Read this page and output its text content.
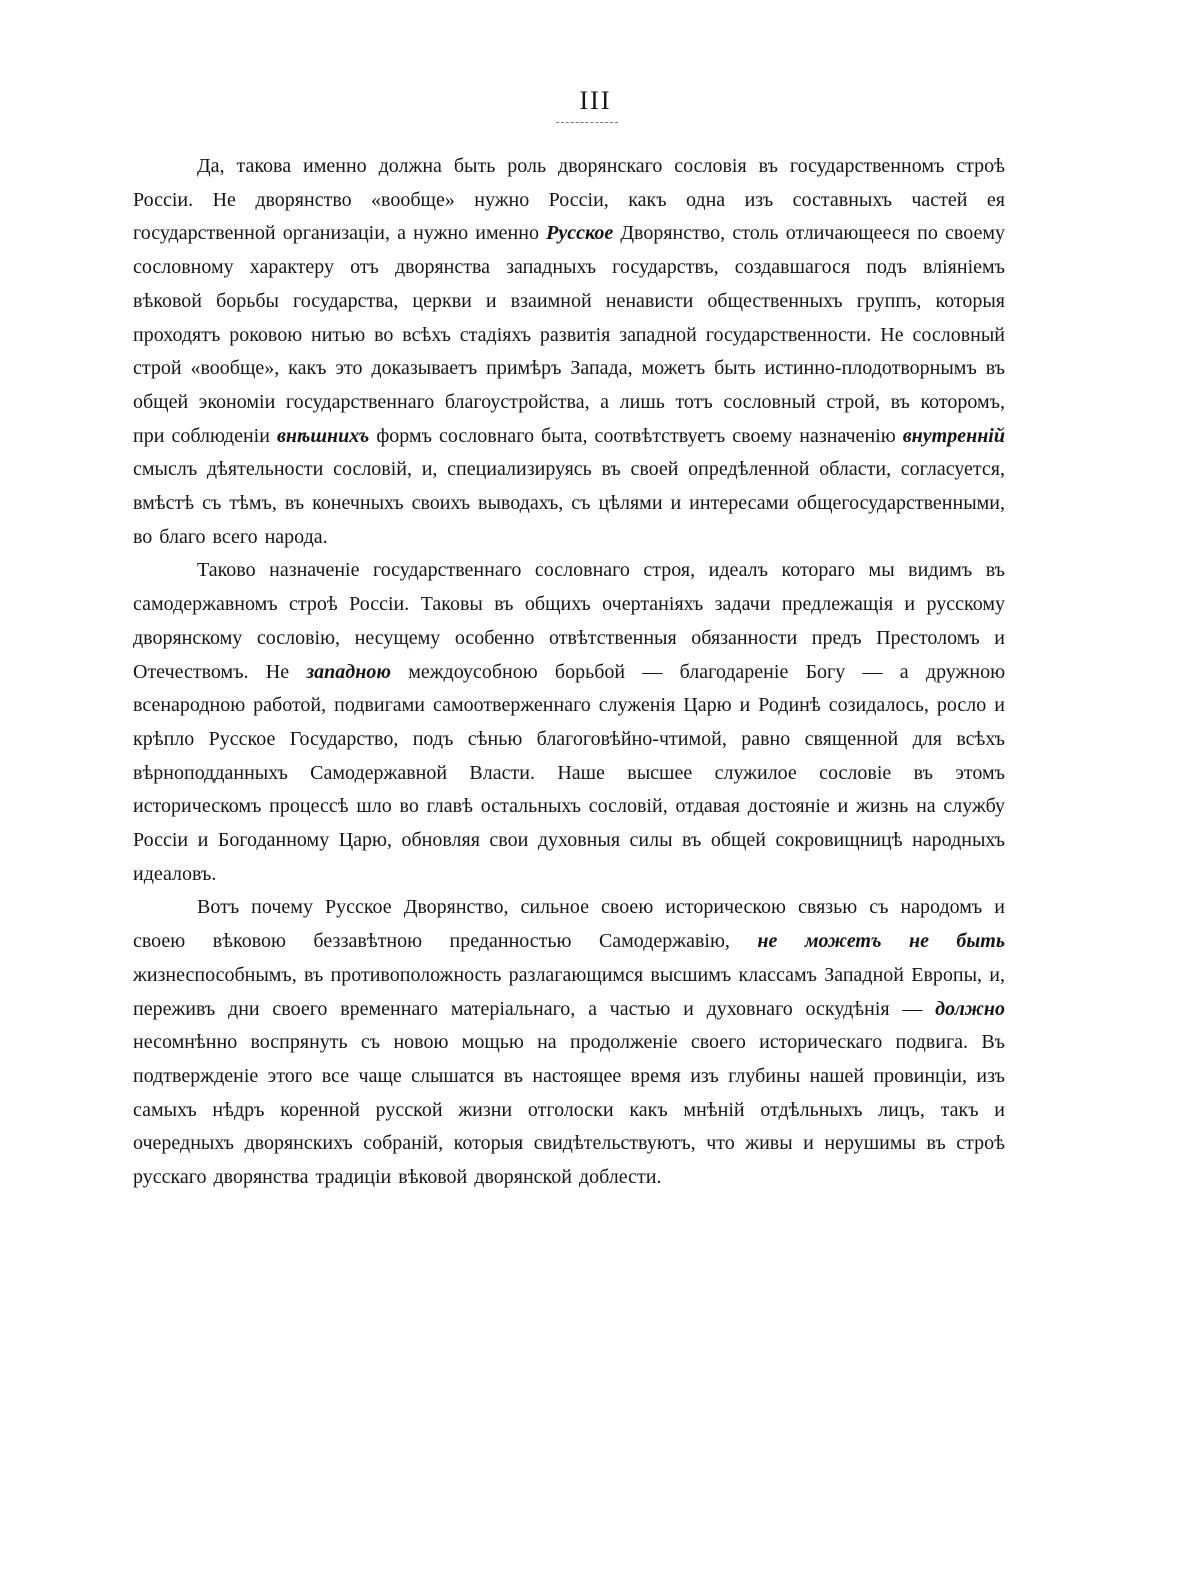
III

Да, такова именно должна быть роль дворянскаго сословія въ государственномъ строѣ Россіи. Не дворянство «вообще» нужно Россіи, какъ одна изъ составныхъ частей ея государственной организаціи, а нужно именно Русское Дворянство, столь отличающееся по своему сословному характеру отъ дворянства западныхъ государствъ, создавшагося подъ вліяніемъ вѣковой борьбы государства, церкви и взаимной ненависти общественныхъ группъ, которыя проходятъ роковою нитью во всѣхъ стадіяхъ развитія западной государственности. Не сословный строй «вообще», какъ это доказываетъ примѣръ Запада, можетъ быть истинно-плодотворнымъ въ общей экономіи государственнаго благоустройства, а лишь тотъ сословный строй, въ которомъ, при соблюденіи внѣшнихъ формъ сословнаго быта, соотвѣтствуетъ своему назначенію внутренній смыслъ дѣятельности сословій, и, специализируясь въ своей опредѣленной области, согласуется, вмѣстѣ съ тѣмъ, въ конечныхъ своихъ выводахъ, съ цѣлями и интересами общегосударственными, во благо всего народа.

Таково назначеніе государственнаго сословнаго строя, идеалъ котораго мы видимъ въ самодержавномъ строѣ Россіи. Таковы въ общихъ очертаніяхъ задачи предлежащія и русскому дворянскому сословію, несущему особенно отвѣтственныя обязанности предъ Престоломъ и Отечествомъ. Не западною междоусобною борьбой — благодареніе Богу — а дружною всенародною работой, подвигами самоотверженнаго служенія Царю и Родинѣ созидалось, росло и крѣпло Русское Государство, подъ сѣнью благоговѣйно-чтимой, равно священной для всѣхъ вѣрноподданныхъ Самодержавной Власти. Наше высшее служилое сословіе въ этомъ историческомъ процессѣ шло во главѣ остальныхъ сословій, отдавая достояніе и жизнь на службу Россіи и Богоданному Царю, обновляя свои духовныя силы въ общей сокровищницѣ народныхъ идеаловъ.

Вотъ почему Русское Дворянство, сильное своею историческою связью съ народомъ и своею вѣковою беззавѣтною преданностью Самодержавію, не можетъ не быть жизнеспособнымъ, въ противоположность разлагающимся высшимъ классамъ Западной Европы, и, переживъ дни своего временнаго матеріальнаго, а частью и духовнаго оскудѣнія — должно несомнѣнно воспрянуть съ новою мощью на продолженіе своего историческаго подвига. Въ подтвержденіе этого все чаще слышатся въ настоящее время изъ глубины нашей провинціи, изъ самыхъ нѣдръ коренной русской жизни отголоски какъ мнѣній отдѣльныхъ лицъ, такъ и очередныхъ дворянскихъ собраній, которыя свидѣтельствуютъ, что живы и нерушимы въ строѣ русскаго дворянства традиціи вѣковой дворянской доблести.
